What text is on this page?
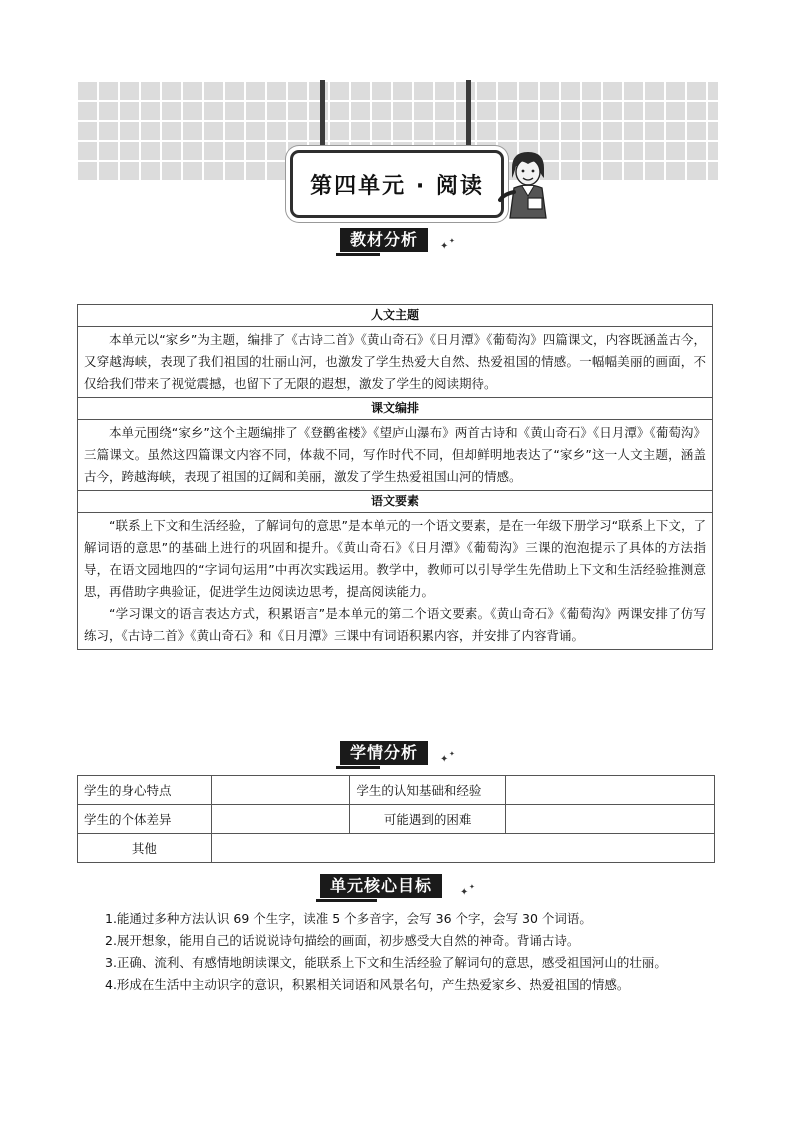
第四单元 · 阅读
教材分析	✦ ✦
人文主题

本单元以“家乡”为主题，编排了《古诗二首》《黄山奇石》《日月潭》《葡萄沟》四篇课文，内容既涵盖古今，又穿越海峡，表现了我们祖国的壮丽山河，也激发了学生热爱大自然、热爱祖国的情感。一幅幅美丽的画面，不仅给我们带来了视觉震撼，也留下了无限的遐想，激发了学生的阅读期待。

课文编排

本单元围绕“家乡”这个主题编排了《登鹳雀楼》《望庐山瀑布》两首古诗和《黄山奇石》《日月潭》《葡萄沟》三篇课文。虽然这四篇课文内容不同，体裁不同，写作时代不同，但却鲜明地表达了“家乡”这一人文主题，涵盖古今，跨越海峡，表现了祖国的辽阔和美丽，激发了学生热爱祖国山河的情感。

语文要素

“联系上下文和生活经验，了解词句的意思”是本单元的一个语文要素，是在一年级下册学习“联系上下文，了解词语的意思”的基础上进行的巩固和提升。《黄山奇石》《日月潭》《葡萄沟》三课的泡泡提示了具体的方法指导，在语文园地四的“字词句运用”中再次实践运用。教学中，教师可以引导学生先借助上下文和生活经验推测意思，再借助字典验证，促进学生边阅读边思考，提高阅读能力。

“学习课文的语言表达方式，积累语言”是本单元的第二个语文要素。《黄山奇石》《葡萄沟》两课安排了仿写练习，《古诗二首》《黄山奇石》和《日月潭》三课中有词语积累内容，并安排了内容背诵。

学情分析	✦ ✦
学生的身心特点		学生的认知基础和经验	
学生的个体差异		可能遇到的困难	
其他			
单元核心目标	✦ ✦

1.能通过多种方法认识 69 个生字，读准 5 个多音字，会写 36 个字，会写 30 个词语。

2.展开想象，能用自己的话说说诗句描绘的画面，初步感受大自然的神奇。背诵古诗。

3.正确、流利、有感情地朗读课文，能联系上下文和生活经验了解词句的意思，感受祖国河山的壮丽。

4.形成在生活中主动识字的意识，积累相关词语和风景名句，产生热爱家乡、热爱祖国的情感。
